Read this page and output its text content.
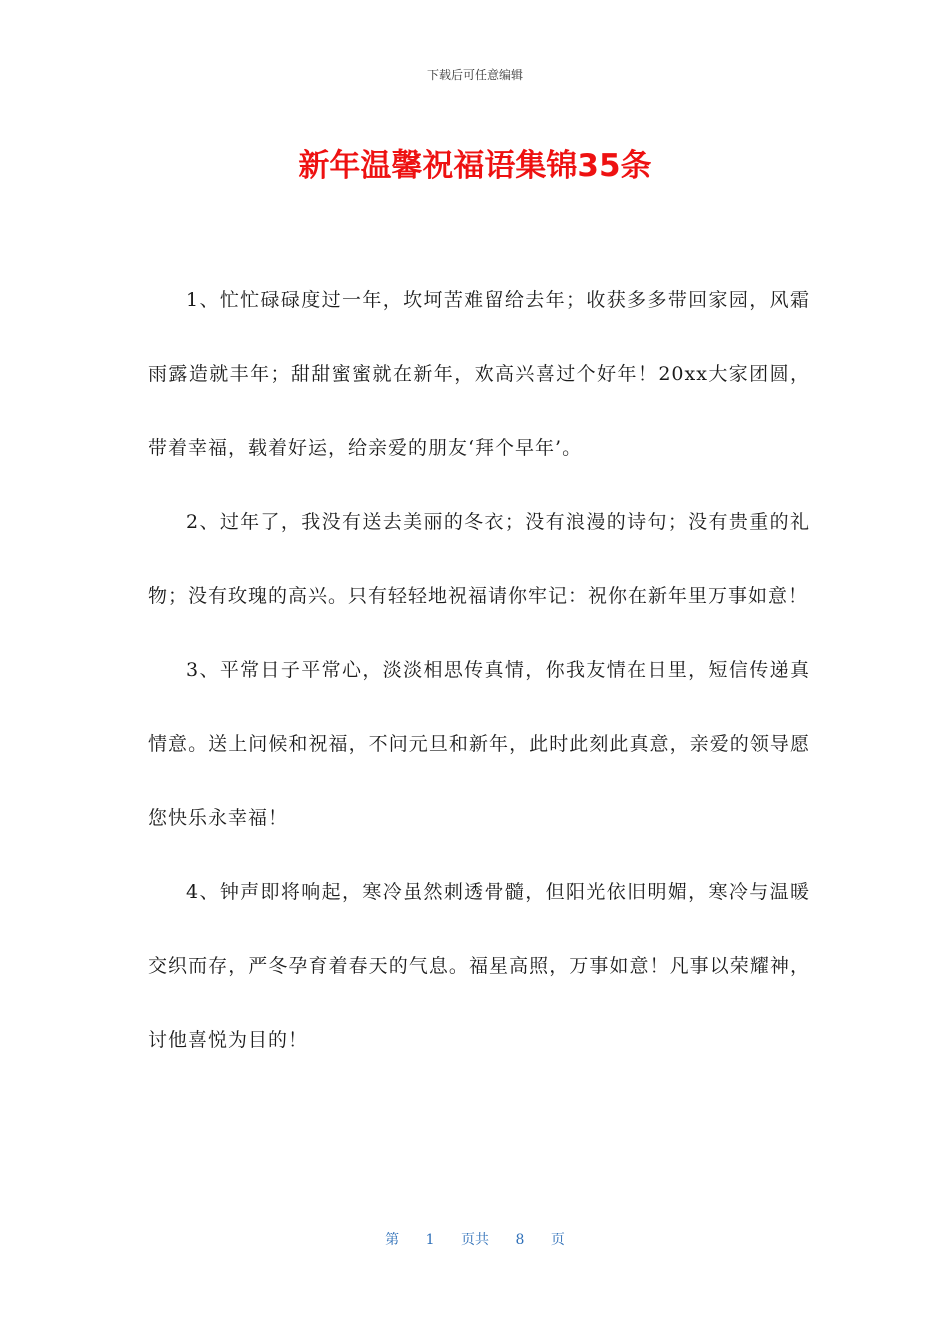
下载后可任意编辑
新年温馨祝福语集锦35条

1、忙忙碌碌度过一年，坎坷苦难留给去年；收获多多带回家园，风霜雨露造就丰年；甜甜蜜蜜就在新年，欢高兴喜过个好年！20xx大家团圆，带着幸福，载着好运，给亲爱的朋友‘拜个早年’。

2、过年了，我没有送去美丽的冬衣；没有浪漫的诗句；没有贵重的礼物；没有玫瑰的高兴。只有轻轻地祝福请你牢记：祝你在新年里万事如意！

3、平常日子平常心，淡淡相思传真情，你我友情在日里，短信传递真情意。送上问候和祝福，不问元旦和新年，此时此刻此真意，亲爱的领导愿您快乐永幸福！

4、钟声即将响起，寒冷虽然刺透骨髓，但阳光依旧明媚，寒冷与温暖交织而存，严冬孕育着春天的气息。福星高照，万事如意！凡事以荣耀神，讨他喜悦为目的！

第 1 页共 8 页
